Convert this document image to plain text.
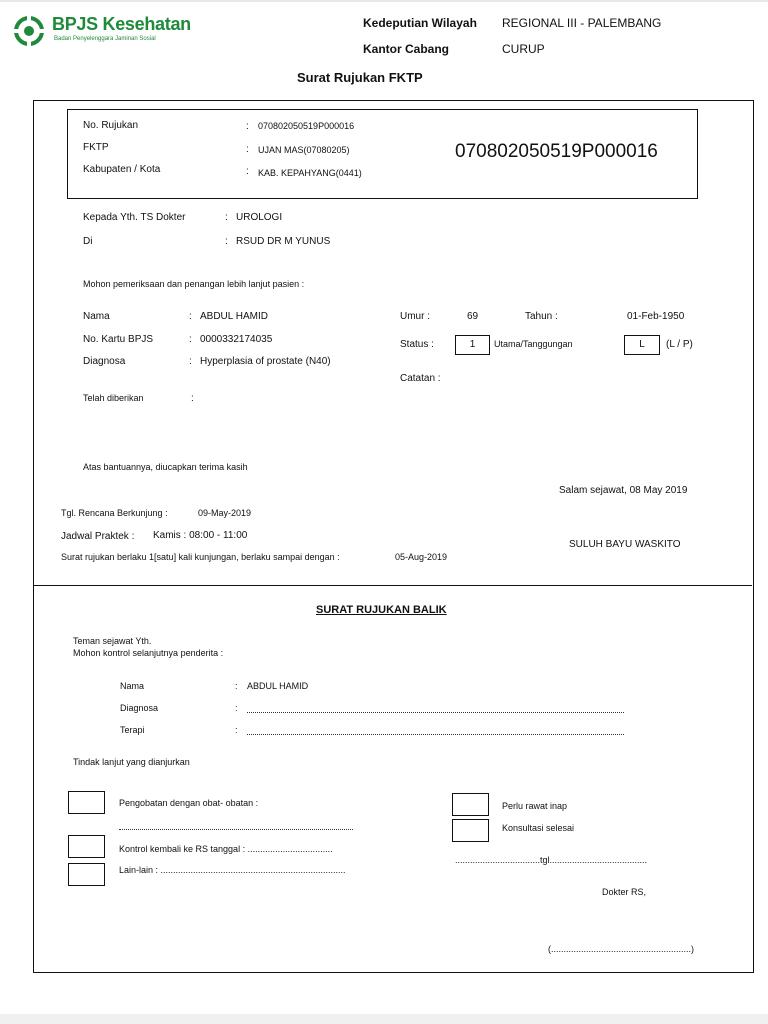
BPJS Kesehatan
Badan Penyelenggara Jaminan Sosial
Kedeputian Wilayah REGIONAL III - PALEMBANG
Kantor Cabang	CURUP
Surat Rujukan FKTP
No. Rujukan	: 070802050519P000016
FKTP	: UJAN MAS(07080205)
Kabupaten / Kota	: KAB. KEPAHYANG(0441)
070802050519P000016
Kepada Yth. TS Dokter	: UROLOGI
Di	: RSUD DR M YUNUS
Mohon pemeriksaan dan penangan lebih lanjut pasien :
Nama	: ABDUL HAMID
No. Kartu BPJS	: 0000332174035
Diagnosa	: Hyperplasia of prostate (N40)
Telah diberikan	:
Umur :	69	Tahun :	01-Feb-1950
Status :	1	Utama/Tanggungan	L	(L / P)
Catatan :
Atas bantuannya, diucapkan terima kasih
Salam sejawat, 08 May 2019
Tgl. Rencana Berkunjung :	09-May-2019
Jadwal Praktek : Kamis : 08:00 - 11:00
Surat rujukan berlaku 1[satu] kali kunjungan, berlaku sampai dengan :	05-Aug-2019
SULUH BAYU WASKITO
SURAT RUJUKAN BALIK
Teman sejawat Yth.
Mohon kontrol selanjutnya penderita :
Nama	: ABDUL HAMID
Diagnosa	:
Terapi	:
Tindak lanjut yang dianjurkan
Pengobatan dengan obat- obatan :
Kontrol kembali ke RS tanggal : ..................................
Lain-lain : ..........................................................................
Perlu rawat inap
Konsultasi selesai
..................................tgl.......................................
Dokter RS,
(........................................................)
